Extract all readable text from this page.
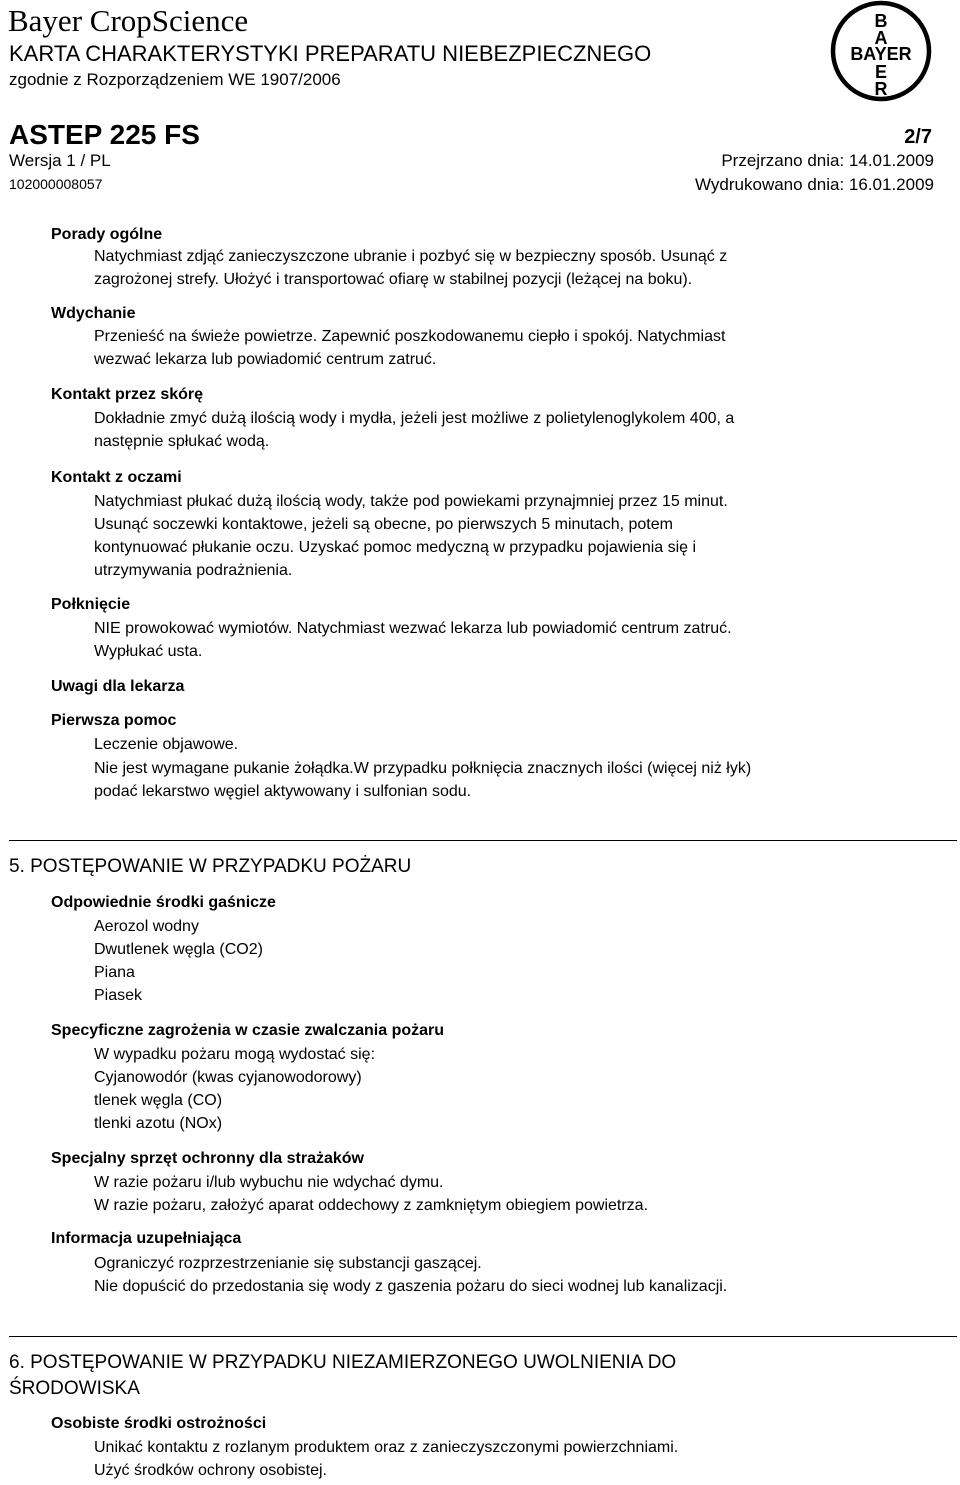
Bayer CropScience
KARTA CHARAKTERYSTYKI PREPARATU NIEBEZPIECZNEGO
zgodnie z Rozporządzeniem WE 1907/2006
B
A
BAYER
E
R
ASTEP 225 FS	2/7
Wersja 1 / PL
102000008057
Przejrzano dnia: 14.01.2009
Wydrukowano dnia: 16.01.2009
Porady ogólne
Natychmiast zdjąć zanieczyszczone ubranie i pozbyć się w bezpieczny sposób. Usunąć z
zagrożonej strefy. Ułożyć i transportować ofiarę w stabilnej pozycji (leżącej na boku).
Wdychanie
Przenieść na świeże powietrze. Zapewnić poszkodowanemu ciepło i spokój. Natychmiast
wezwać lekarza lub powiadomić centrum zatruć.
Kontakt przez skórę
Dokładnie zmyć dużą ilością wody i mydła, jeżeli jest możliwe z polietylenoglykolem 400, a
następnie spłukać wodą.
Kontakt z oczami
Natychmiast płukać dużą ilością wody, także pod powiekami przynajmniej przez 15 minut.
Usunąć soczewki kontaktowe, jeżeli są obecne, po pierwszych 5 minutach, potem
kontynuować płukanie oczu. Uzyskać pomoc medyczną w przypadku pojawienia się i
utrzymywania podrażnienia.
Połknięcie
NIE prowokować wymiotów. Natychmiast wezwać lekarza lub powiadomić centrum zatruć.
Wypłukać usta.
Uwagi dla lekarza
Pierwsza pomoc
Leczenie objawowe.
Nie jest wymagane pukanie żołądka.W przypadku połknięcia znacznych ilości (więcej niż łyk)
podać lekarstwo węgiel aktywowany i sulfonian sodu.
5. POSTĘPOWANIE W PRZYPADKU POŻARU
Odpowiednie środki gaśnicze
Aerozol wodny
Dwutlenek węgla (CO2)
Piana
Piasek
Specyficzne zagrożenia w czasie zwalczania pożaru
W wypadku pożaru mogą wydostać się:
Cyjanowodór (kwas cyjanowodorowy)
tlenek węgla (CO)
tlenki azotu (NOx)
Specjalny sprzęt ochronny dla strażaków
W razie pożaru i/lub wybuchu nie wdychać dymu.
W razie pożaru, założyć aparat oddechowy z zamkniętym obiegiem powietrza.
Informacja uzupełniająca
Ograniczyć rozprzestrzenianie się substancji gaszącej.
Nie dopuścić do przedostania się wody z gaszenia pożaru do sieci wodnej lub kanalizacji.
6. POSTĘPOWANIE W PRZYPADKU NIEZAMIERZONEGO UWOLNIENIA DO
ŚRODOWISKA
Osobiste środki ostrożności
Unikać kontaktu z rozlanym produktem oraz z zanieczyszczonymi powierzchniami.
Użyć środków ochrony osobistej.
